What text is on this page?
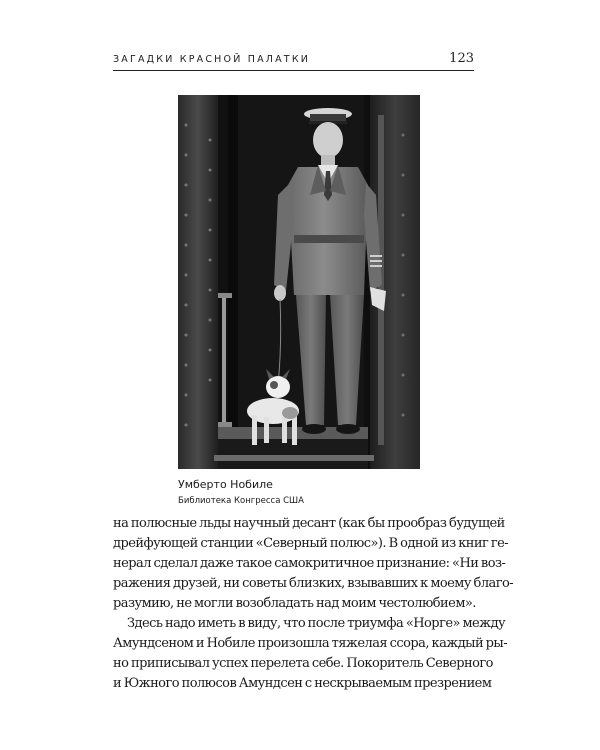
ЗАГАДКИ КРАСНОЙ ПАЛАТКИ	123
Умберто Нобиле
Библиотека Конгресса США
на полюсные льды научный десант (как бы прообраз будущей
дрейфующей станции «Северный полюс»). В одной из книг ге-
нерал сделал даже такое самокритичное признание: «Ни воз-
ражения друзей, ни советы близких, взывавших к моему благо-
разумию, не могли возобладать над моим честолюбием».
Здесь надо иметь в виду, что после триумфа «Норге» между
Амундсеном и Нобиле произошла тяжелая ссора, каждый ры-
но приписывал успех перелета себе. Покоритель Северного
и Южного полюсов Амундсен с нескрываемым презрением
